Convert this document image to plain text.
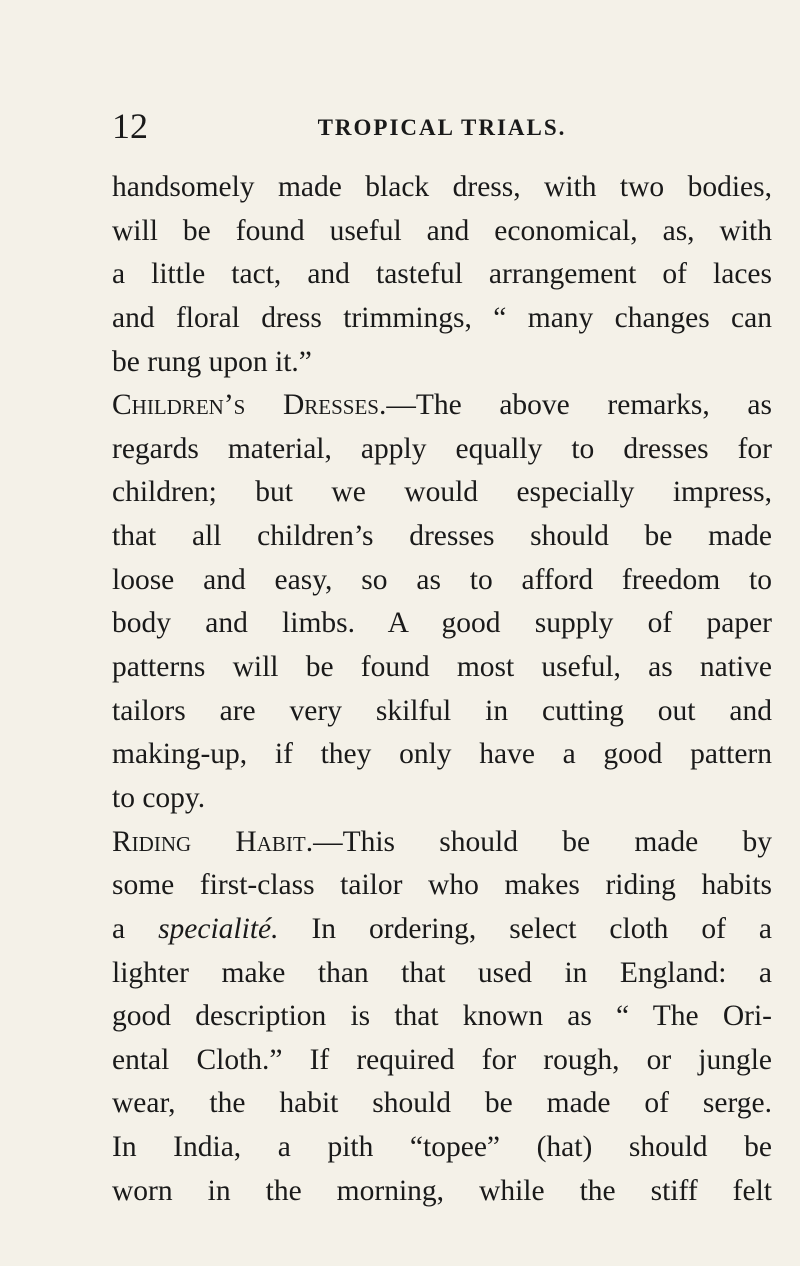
12	TROPICAL TRIALS.
handsomely made black dress, with two bodies,
will be found useful and economical, as, with
a little tact, and tasteful arrangement of laces
and floral dress trimmings, “ many changes can
be rung upon it.”
Children’s Dresses.—The above remarks, as
regards material, apply equally to dresses for
children; but we would especially impress,
that all children’s dresses should be made
loose and easy, so as to afford freedom to
body and limbs. A good supply of paper
patterns will be found most useful, as native
tailors are very skilful in cutting out and
making-up, if they only have a good pattern
to copy.
Riding Habit.—This should be made by
some first-class tailor who makes riding habits
a specialité. In ordering, select cloth of a
lighter make than that used in England: a
good description is that known as “ The Ori-
ental Cloth.” If required for rough, or jungle
wear, the habit should be made of serge.
In India, a pith “topee” (hat) should be
worn in the morning, while the stiff felt
